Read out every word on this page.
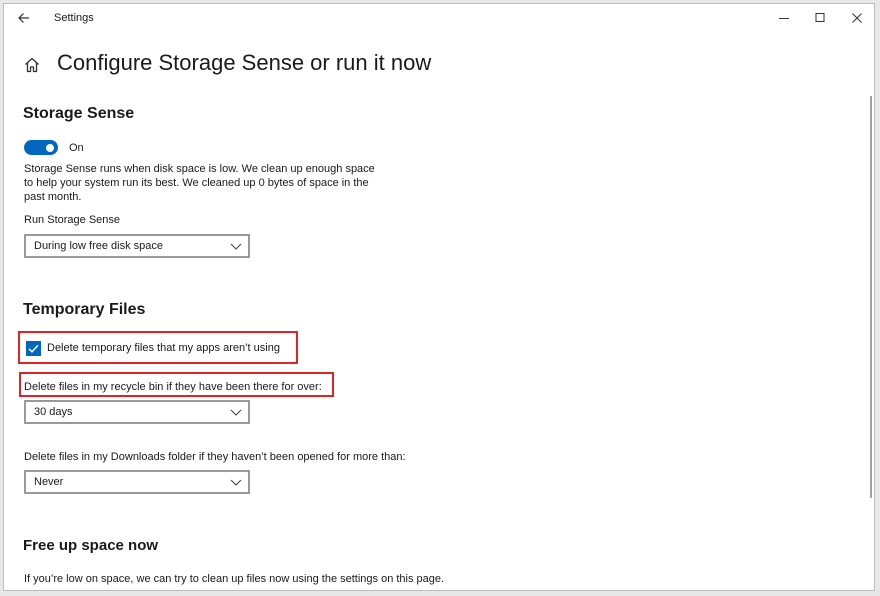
Settings
Configure Storage Sense or run it now
Storage Sense
On
Storage Sense runs when disk space is low. We clean up enough space
to help your system run its best. We cleaned up 0 bytes of space in the
past month.
Run Storage Sense
During low free disk space
Temporary Files
Delete temporary files that my apps aren’t using
Delete files in my recycle bin if they have been there for over:
30 days
Delete files in my Downloads folder if they haven’t been opened for more than:
Never
Free up space now
If you’re low on space, we can try to clean up files now using the settings on this page.
